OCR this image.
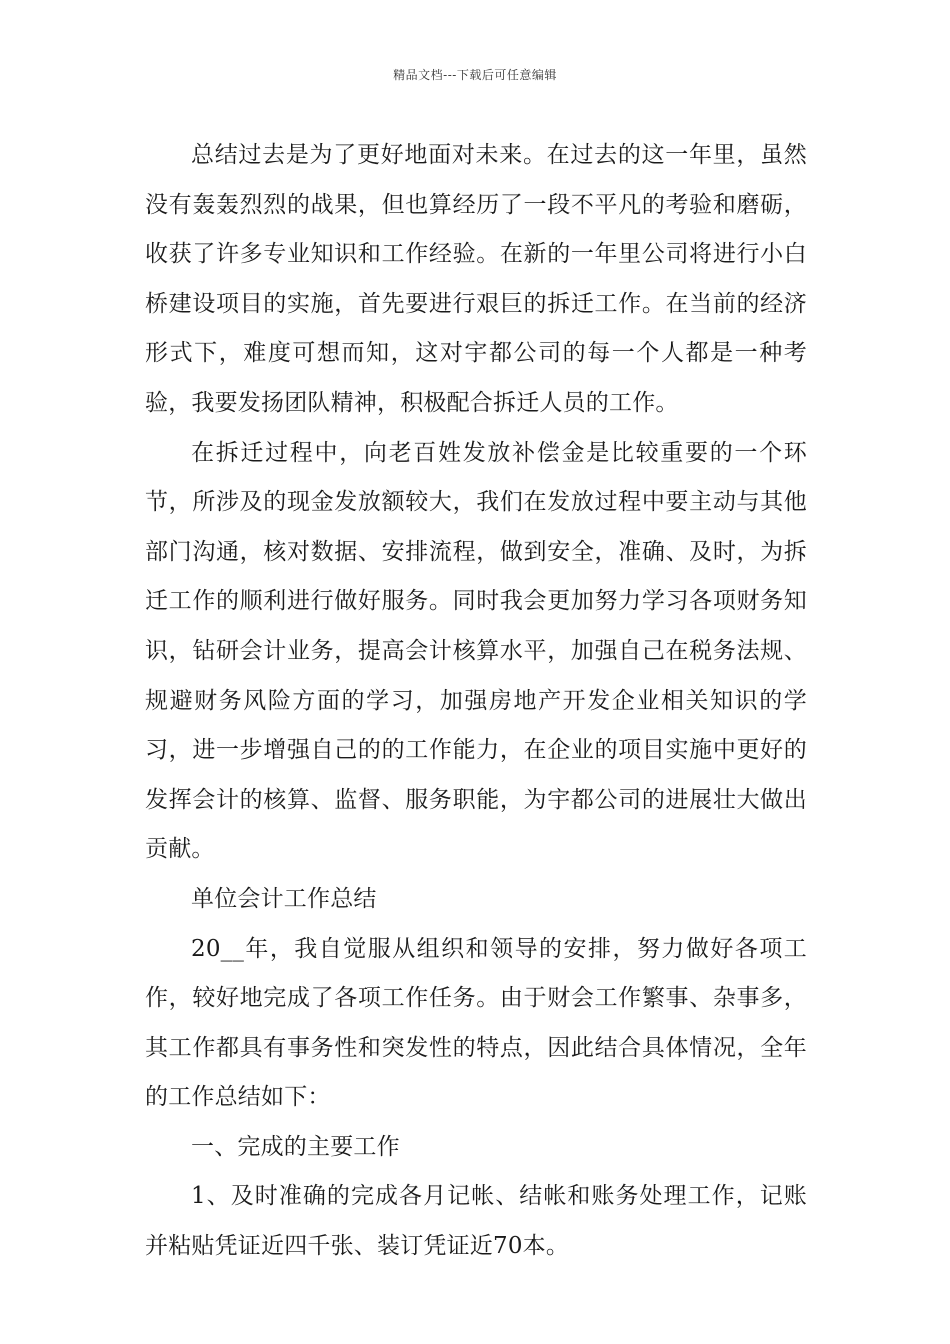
精品文档---下载后可任意编辑

总结过去是为了更好地面对未来。在过去的这一年里，虽然没有轰轰烈烈的战果，但也算经历了一段不平凡的考验和磨砺，收获了许多专业知识和工作经验。在新的一年里公司将进行小白桥建设项目的实施，首先要进行艰巨的拆迁工作。在当前的经济形式下，难度可想而知，这对宇都公司的每一个人都是一种考验，我要发扬团队精神，积极配合拆迁人员的工作。

在拆迁过程中，向老百姓发放补偿金是比较重要的一个环节，所涉及的现金发放额较大，我们在发放过程中要主动与其他部门沟通，核对数据、安排流程，做到安全，准确、及时，为拆迁工作的顺利进行做好服务。同时我会更加努力学习各项财务知识，钻研会计业务，提高会计核算水平，加强自己在税务法规、规避财务风险方面的学习，加强房地产开发企业相关知识的学习，进一步增强自己的的工作能力，在企业的项目实施中更好的发挥会计的核算、监督、服务职能，为宇都公司的进展壮大做出贡献。

单位会计工作总结

20__年，我自觉服从组织和领导的安排，努力做好各项工作，较好地完成了各项工作任务。由于财会工作繁事、杂事多，其工作都具有事务性和突发性的特点，因此结合具体情况，全年的工作总结如下：

一、完成的主要工作

1、及时准确的完成各月记帐、结帐和账务处理工作，记账并粘贴凭证近四千张、装订凭证近70本。
